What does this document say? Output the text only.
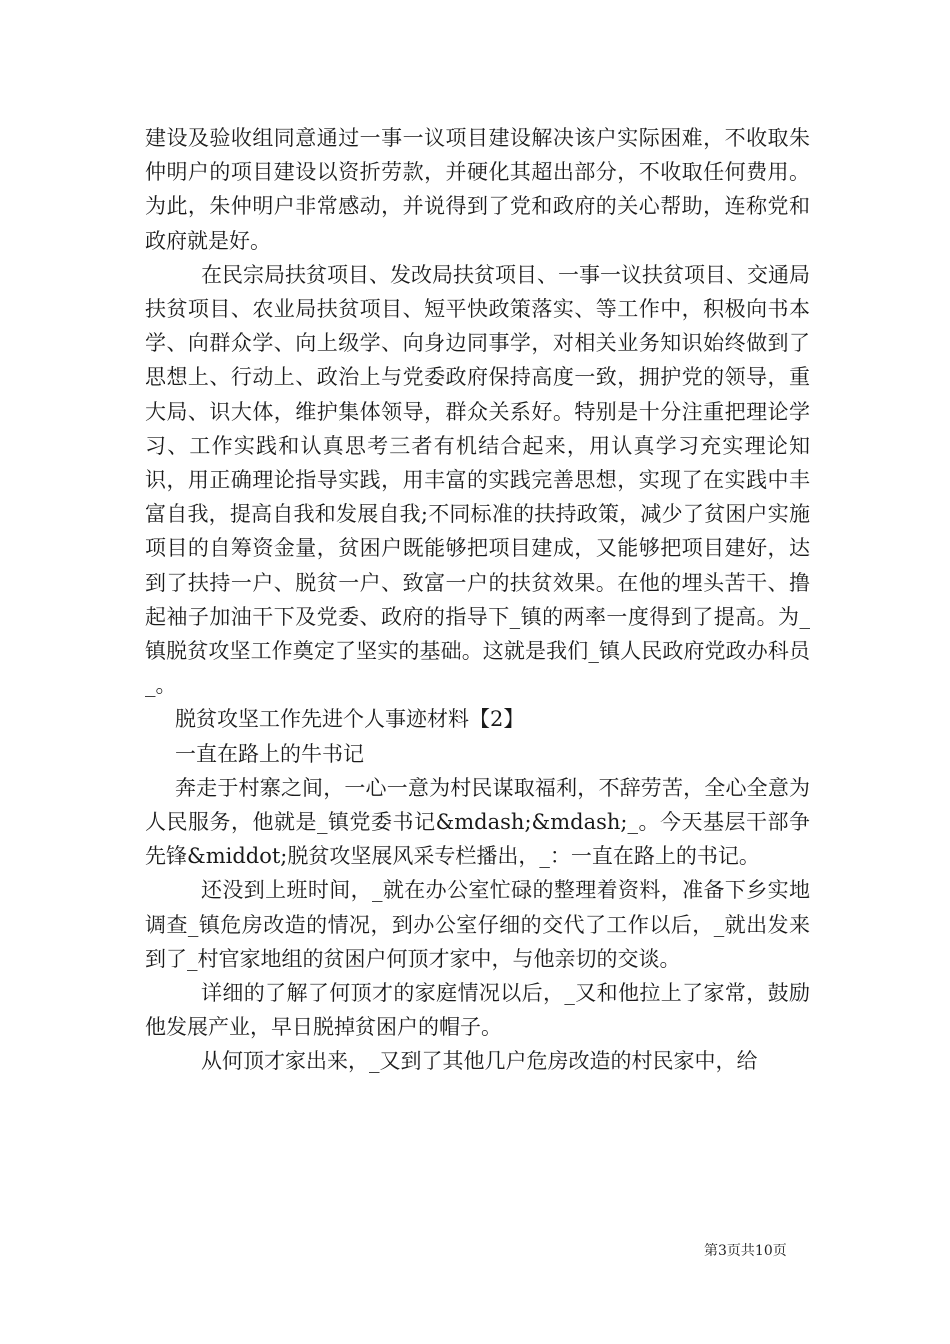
建设及验收组同意通过一事一议项目建设解决该户实际困难，不收取朱仲明户的项目建设以资折劳款，并硬化其超出部分，不收取任何费用。为此，朱仲明户非常感动，并说得到了党和政府的关心帮助，连称党和政府就是好。

在民宗局扶贫项目、发改局扶贫项目、一事一议扶贫项目、交通局扶贫项目、农业局扶贫项目、短平快政策落实、等工作中，积极向书本学、向群众学、向上级学、向身边同事学，对相关业务知识始终做到了思想上、行动上、政治上与党委政府保持高度一致，拥护党的领导，重大局、识大体，维护集体领导，群众关系好。特别是十分注重把理论学习、工作实践和认真思考三者有机结合起来，用认真学习充实理论知识，用正确理论指导实践，用丰富的实践完善思想，实现了在实践中丰富自我，提高自我和发展自我;不同标准的扶持政策，减少了贫困户实施项目的自筹资金量，贫困户既能够把项目建成，又能够把项目建好，达到了扶持一户、脱贫一户、致富一户的扶贫效果。在他的埋头苦干、撸起袖子加油干下及党委、政府的指导下_镇的两率一度得到了提高。为_镇脱贫攻坚工作奠定了坚实的基础。这就是我们_镇人民政府党政办科员_。

脱贫攻坚工作先进个人事迹材料【2】

一直在路上的牛书记

奔走于村寨之间，一心一意为村民谋取福利，不辞劳苦，全心全意为人民服务，他就是_镇党委书记&mdash;&mdash;_。今天基层干部争先锋&middot;脱贫攻坚展风采专栏播出，_：一直在路上的书记。

还没到上班时间，_就在办公室忙碌的整理着资料，准备下乡实地调查_镇危房改造的情况，到办公室仔细的交代了工作以后，_就出发来到了_村官家地组的贫困户何顶才家中，与他亲切的交谈。

详细的了解了何顶才的家庭情况以后，_又和他拉上了家常，鼓励他发展产业，早日脱掉贫困户的帽子。

从何顶才家出来，_又到了其他几户危房改造的村民家中，给

第3页共10页
